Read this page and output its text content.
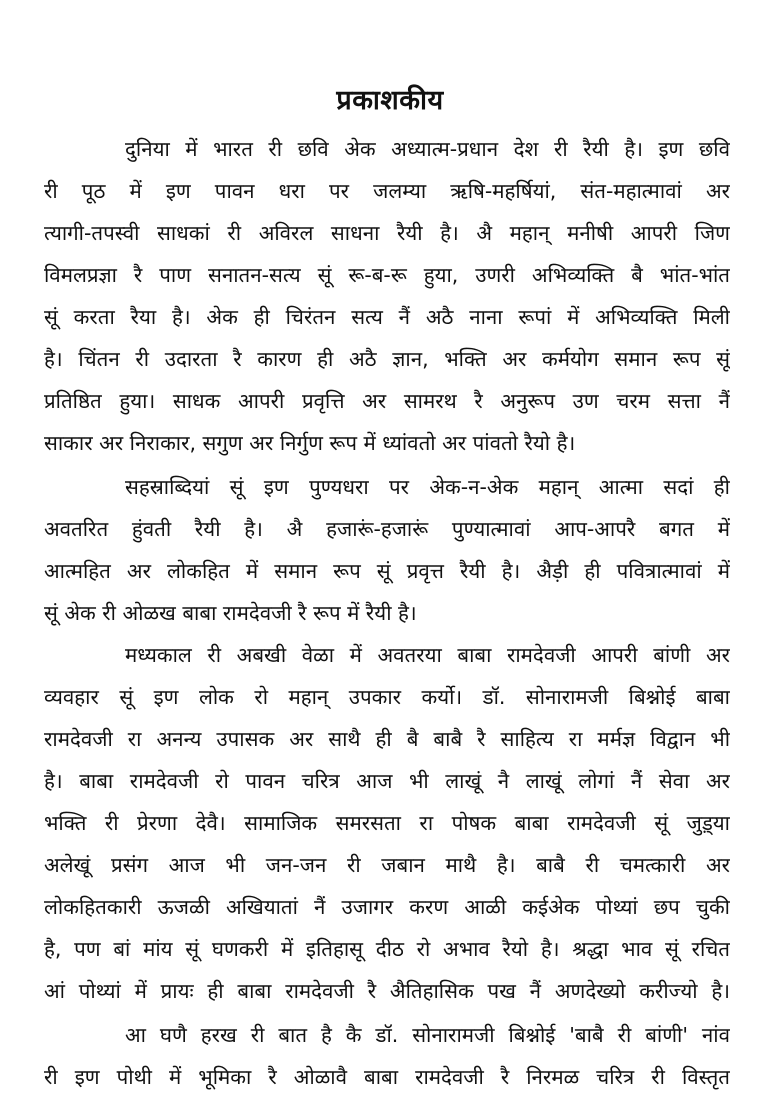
प्रकाशकीय
दुनिया में भारत री छवि अेक अध्यात्म-प्रधान देश री रैयी है। इण छवि
री पूठ में इण पावन धरा पर जलम्या ऋषि-महर्षियां, संत-महात्मावां अर
त्यागी-तपस्वी साधकां री अविरल साधना रैयी है। अै महान् मनीषी आपरी जिण
विमलप्रज्ञा रै पाण सनातन-सत्य सूं रू-ब-रू हुया, उणरी अभिव्यक्ति बै भांत-भांत
सूं करता रैया है। अेक ही चिरंतन सत्य नैं अठै नाना रूपां में अभिव्यक्ति मिली
है। चिंतन री उदारता रै कारण ही अठै ज्ञान, भक्ति अर कर्मयोग समान रूप सूं
प्रतिष्ठित हुया। साधक आपरी प्रवृत्ति अर सामरथ रै अनुरूप उण चरम सत्ता नैं
साकार अर निराकार, सगुण अर निर्गुण रूप में ध्यांवतो अर पांवतो रैयो है।
सहस्राब्दियां सूं इण पुण्यधरा पर अेक-न-अेक महान् आत्मा सदां ही
अवतरित हुंवती रैयी है। अै हजारूं-हजारूं पुण्यात्मावां आप-आपरै बगत में
आत्महित अर लोकहित में समान रूप सूं प्रवृत्त रैयी है। अैड़ी ही पवित्रात्मावां में
सूं अेक री ओळख बाबा रामदेवजी रै रूप में रैयी है।
मध्यकाल री अबखी वेळा में अवतरया बाबा रामदेवजी आपरी बांणी अर
व्यवहार सूं इण लोक रो महान् उपकार कर्यो। डॉ. सोनारामजी बिश्नोई बाबा
रामदेवजी रा अनन्य उपासक अर साथै ही बै बाबै रै साहित्य रा मर्मज्ञ विद्वान भी
है। बाबा रामदेवजी रो पावन चरित्र आज भी लाखूं नै लाखूं लोगां नैं सेवा अर
भक्ति री प्रेरणा देवै। सामाजिक समरसता रा पोषक बाबा रामदेवजी सूं जुड़्या
अलेखूं प्रसंग आज भी जन-जन री जबान माथै है। बाबै री चमत्कारी अर
लोकहितकारी ऊजळी अखियातां नैं उजागर करण आळी कईअेक पोथ्यां छप चुकी
है, पण बां मांय सूं घणकरी में इतिहासू दीठ रो अभाव रैयो है। श्रद्धा भाव सूं रचित
आं पोथ्यां में प्रायः ही बाबा रामदेवजी रै अैतिहासिक पख नैं अणदेख्यो करीज्यो है।
आ घणै हरख री बात है कै डॉ. सोनारामजी बिश्नोई 'बाबै री बांणी' नांव
री इण पोथी में भूमिका रै ओळावै बाबा रामदेवजी रै निरमळ चरित्र री विस्तृत
